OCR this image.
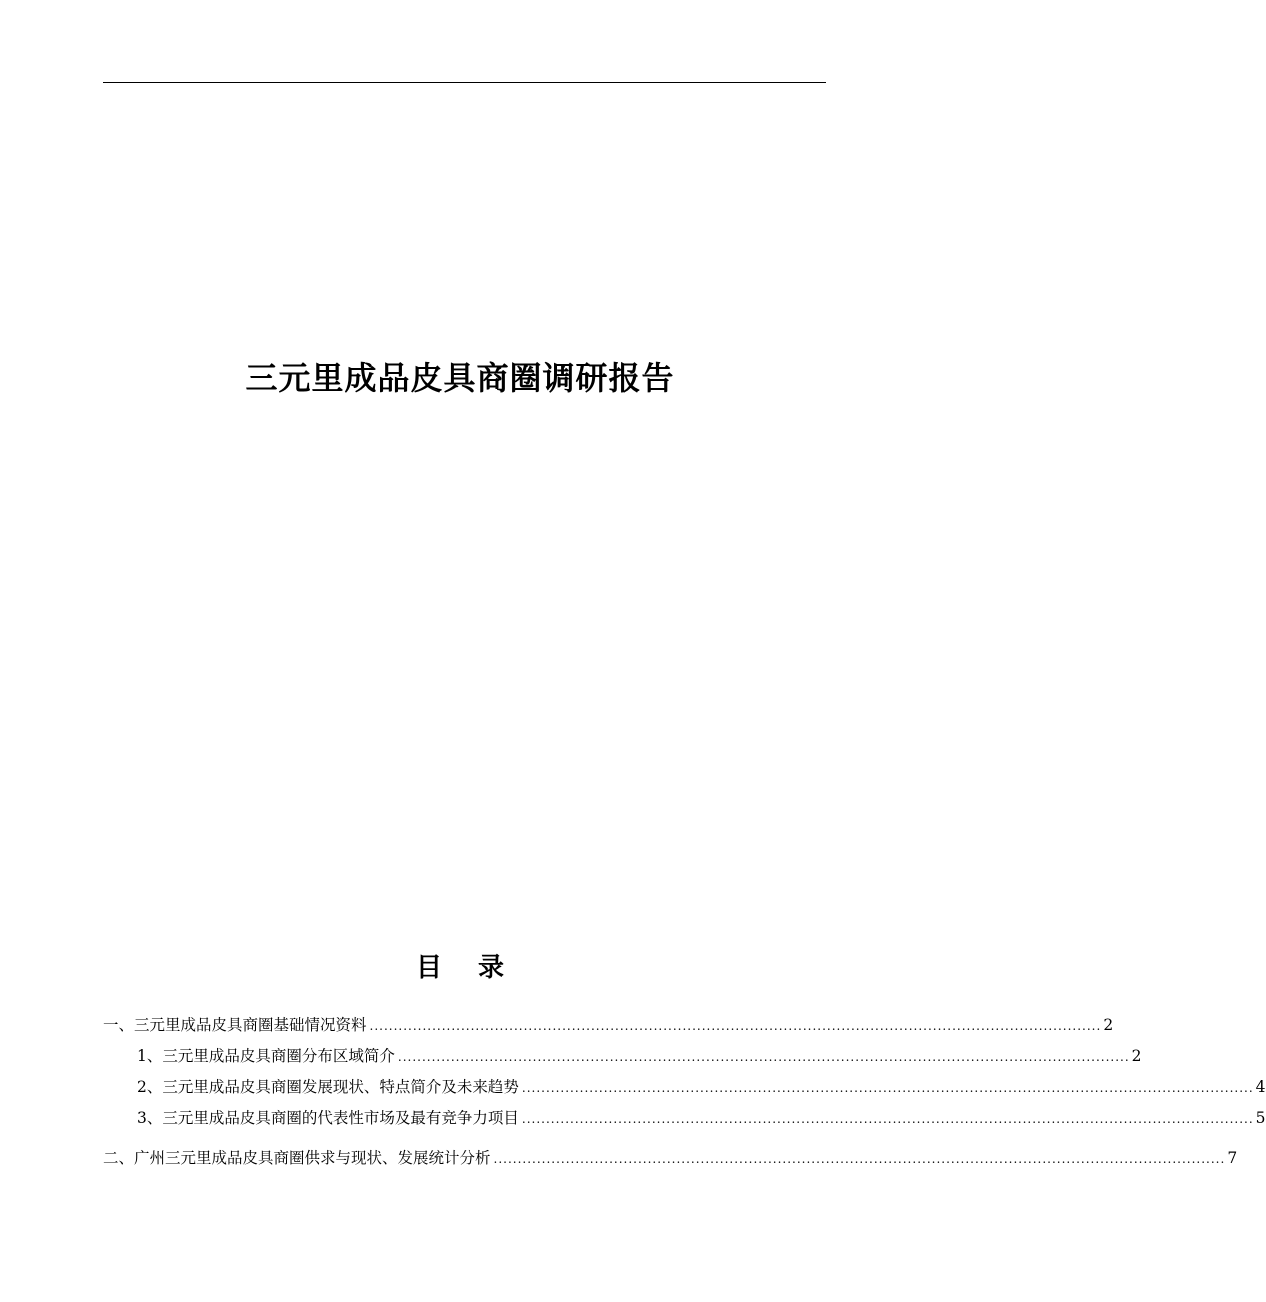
三元里成品皮具商圈调研报告
目 录
一、三元里成品皮具商圈基础情况资料 ........................................................................................................................................................ 2
1、三元里成品皮具商圈分布区域简介 ........................................................................................................................................................ 2
2、三元里成品皮具商圈发展现状、特点简介及未来趋势 ........................................................................................................................................................ 4
3、三元里成品皮具商圈的代表性市场及最有竞争力项目 ........................................................................................................................................................ 5
二、广州三元里成品皮具商圈供求与现状、发展统计分析 ........................................................................................................................................................ 7
